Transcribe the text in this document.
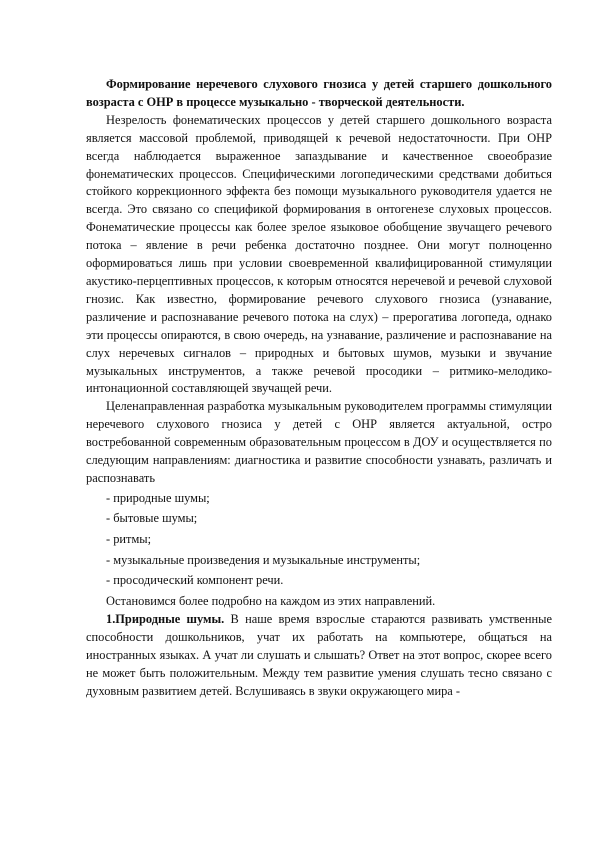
Формирование неречевого слухового гнозиса у детей старшего дошкольного возраста с ОНР в процессе музыкально - творческой деятельности.

Незрелость фонематических процессов у детей старшего дошкольного возраста является массовой проблемой, приводящей к речевой недостаточности. При ОНР всегда наблюдается выраженное запаздывание и качественное своеобразие фонематических процессов. Специфическими логопедическими средствами добиться стойкого коррекционного эффекта без помощи музыкального руководителя удается не всегда. Это связано со спецификой формирования в онтогенезе слуховых процессов. Фонематические процессы как более зрелое языковое обобщение звучащего речевого потока – явление в речи ребенка достаточно позднее. Они могут полноценно оформироваться лишь при условии своевременной квалифицированной стимуляции акустико-перцептивных процессов, к которым относятся неречевой и речевой слуховой гнозис. Как известно, формирование речевого слухового гнозиса (узнавание, различение и распознавание речевого потока на слух) – прерогатива логопеда, однако эти процессы опираются, в свою очередь, на узнавание, различение и распознавание на слух неречевых сигналов – природных и бытовых шумов, музыки и звучание музыкальных инструментов, а также речевой просодики – ритмико-мелодико-интонационной составляющей звучащей речи.

Целенаправленная разработка музыкальным руководителем программы стимуляции неречевого слухового гнозиса у детей с ОНР является актуальной, остро востребованной современным образовательным процессом в ДОУ и осуществляется по следующим направлениям: диагностика и развитие способности узнавать, различать и распознавать

- природные шумы;
- бытовые шумы;
- ритмы;
- музыкальные произведения и музыкальные инструменты;
- просодический компонент речи.

Остановимся более подробно на каждом из этих направлений.

1.Природные шумы. В наше время взрослые стараются развивать умственные способности дошкольников, учат их работать на компьютере, общаться на иностранных языках. А учат ли слушать и слышать? Ответ на этот вопрос, скорее всего не может быть положительным. Между тем развитие умения слушать тесно связано с духовным развитием детей. Вслушиваясь в звуки окружающего мира -
